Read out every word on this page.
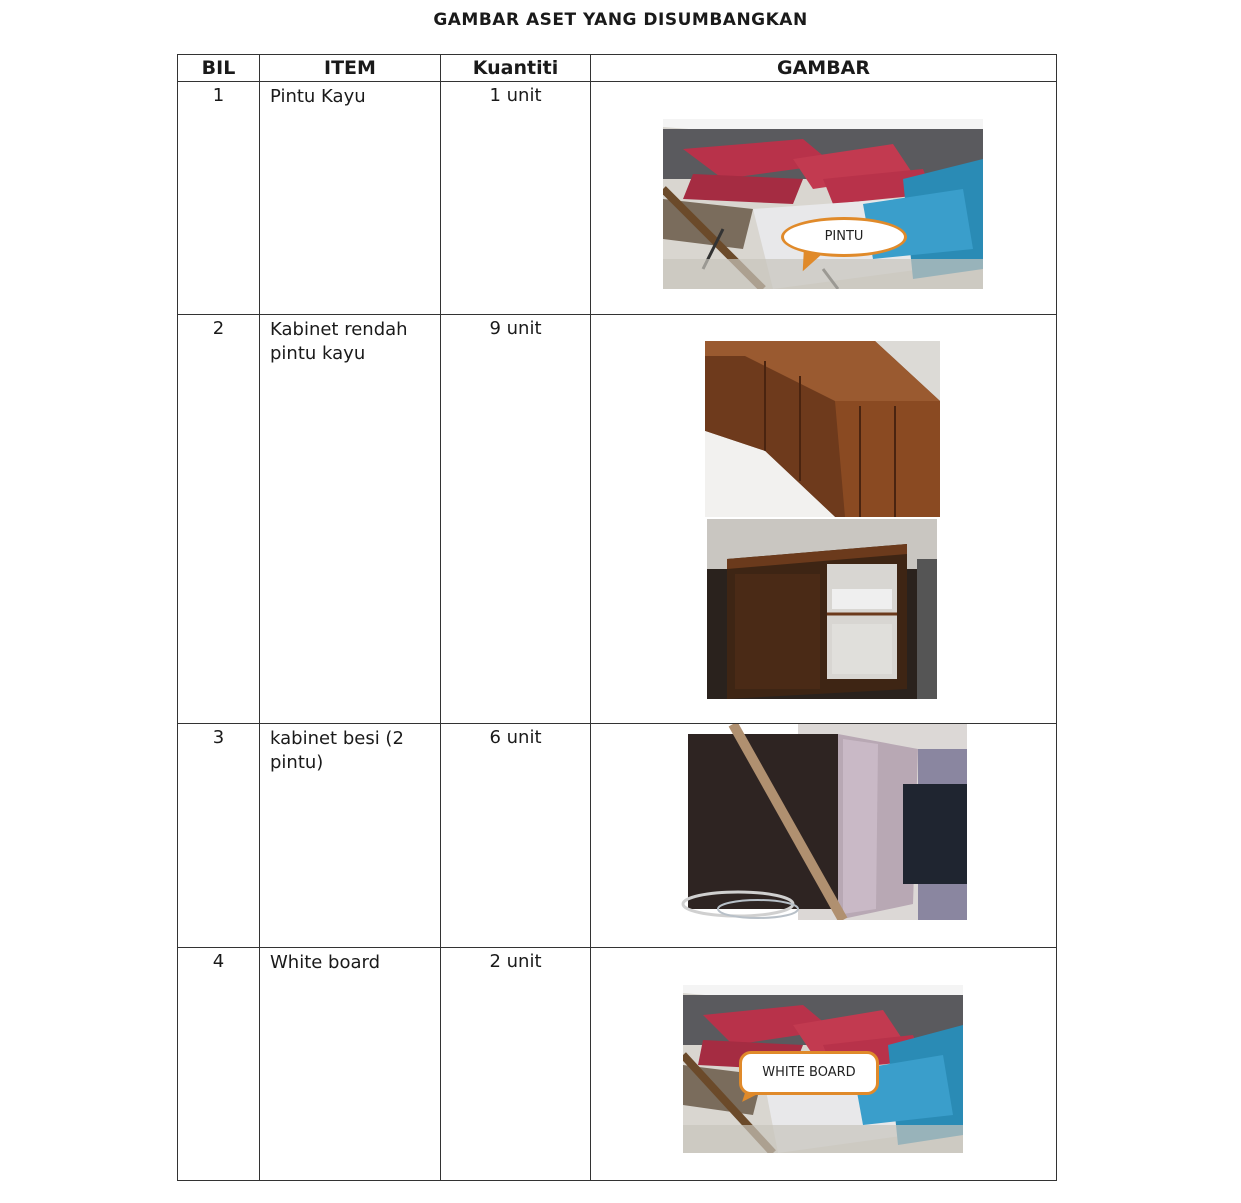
GAMBAR ASET YANG DISUMBANGKAN
BIL	ITEM	Kuantiti	GAMBAR
1	Pintu Kayu	1 unit	PINTU

2	Kabinet rendah pintu kayu	9 unit	

3	kabinet besi (2 pintu)	6 unit	

4	White board	2 unit	WHITE BOARD
